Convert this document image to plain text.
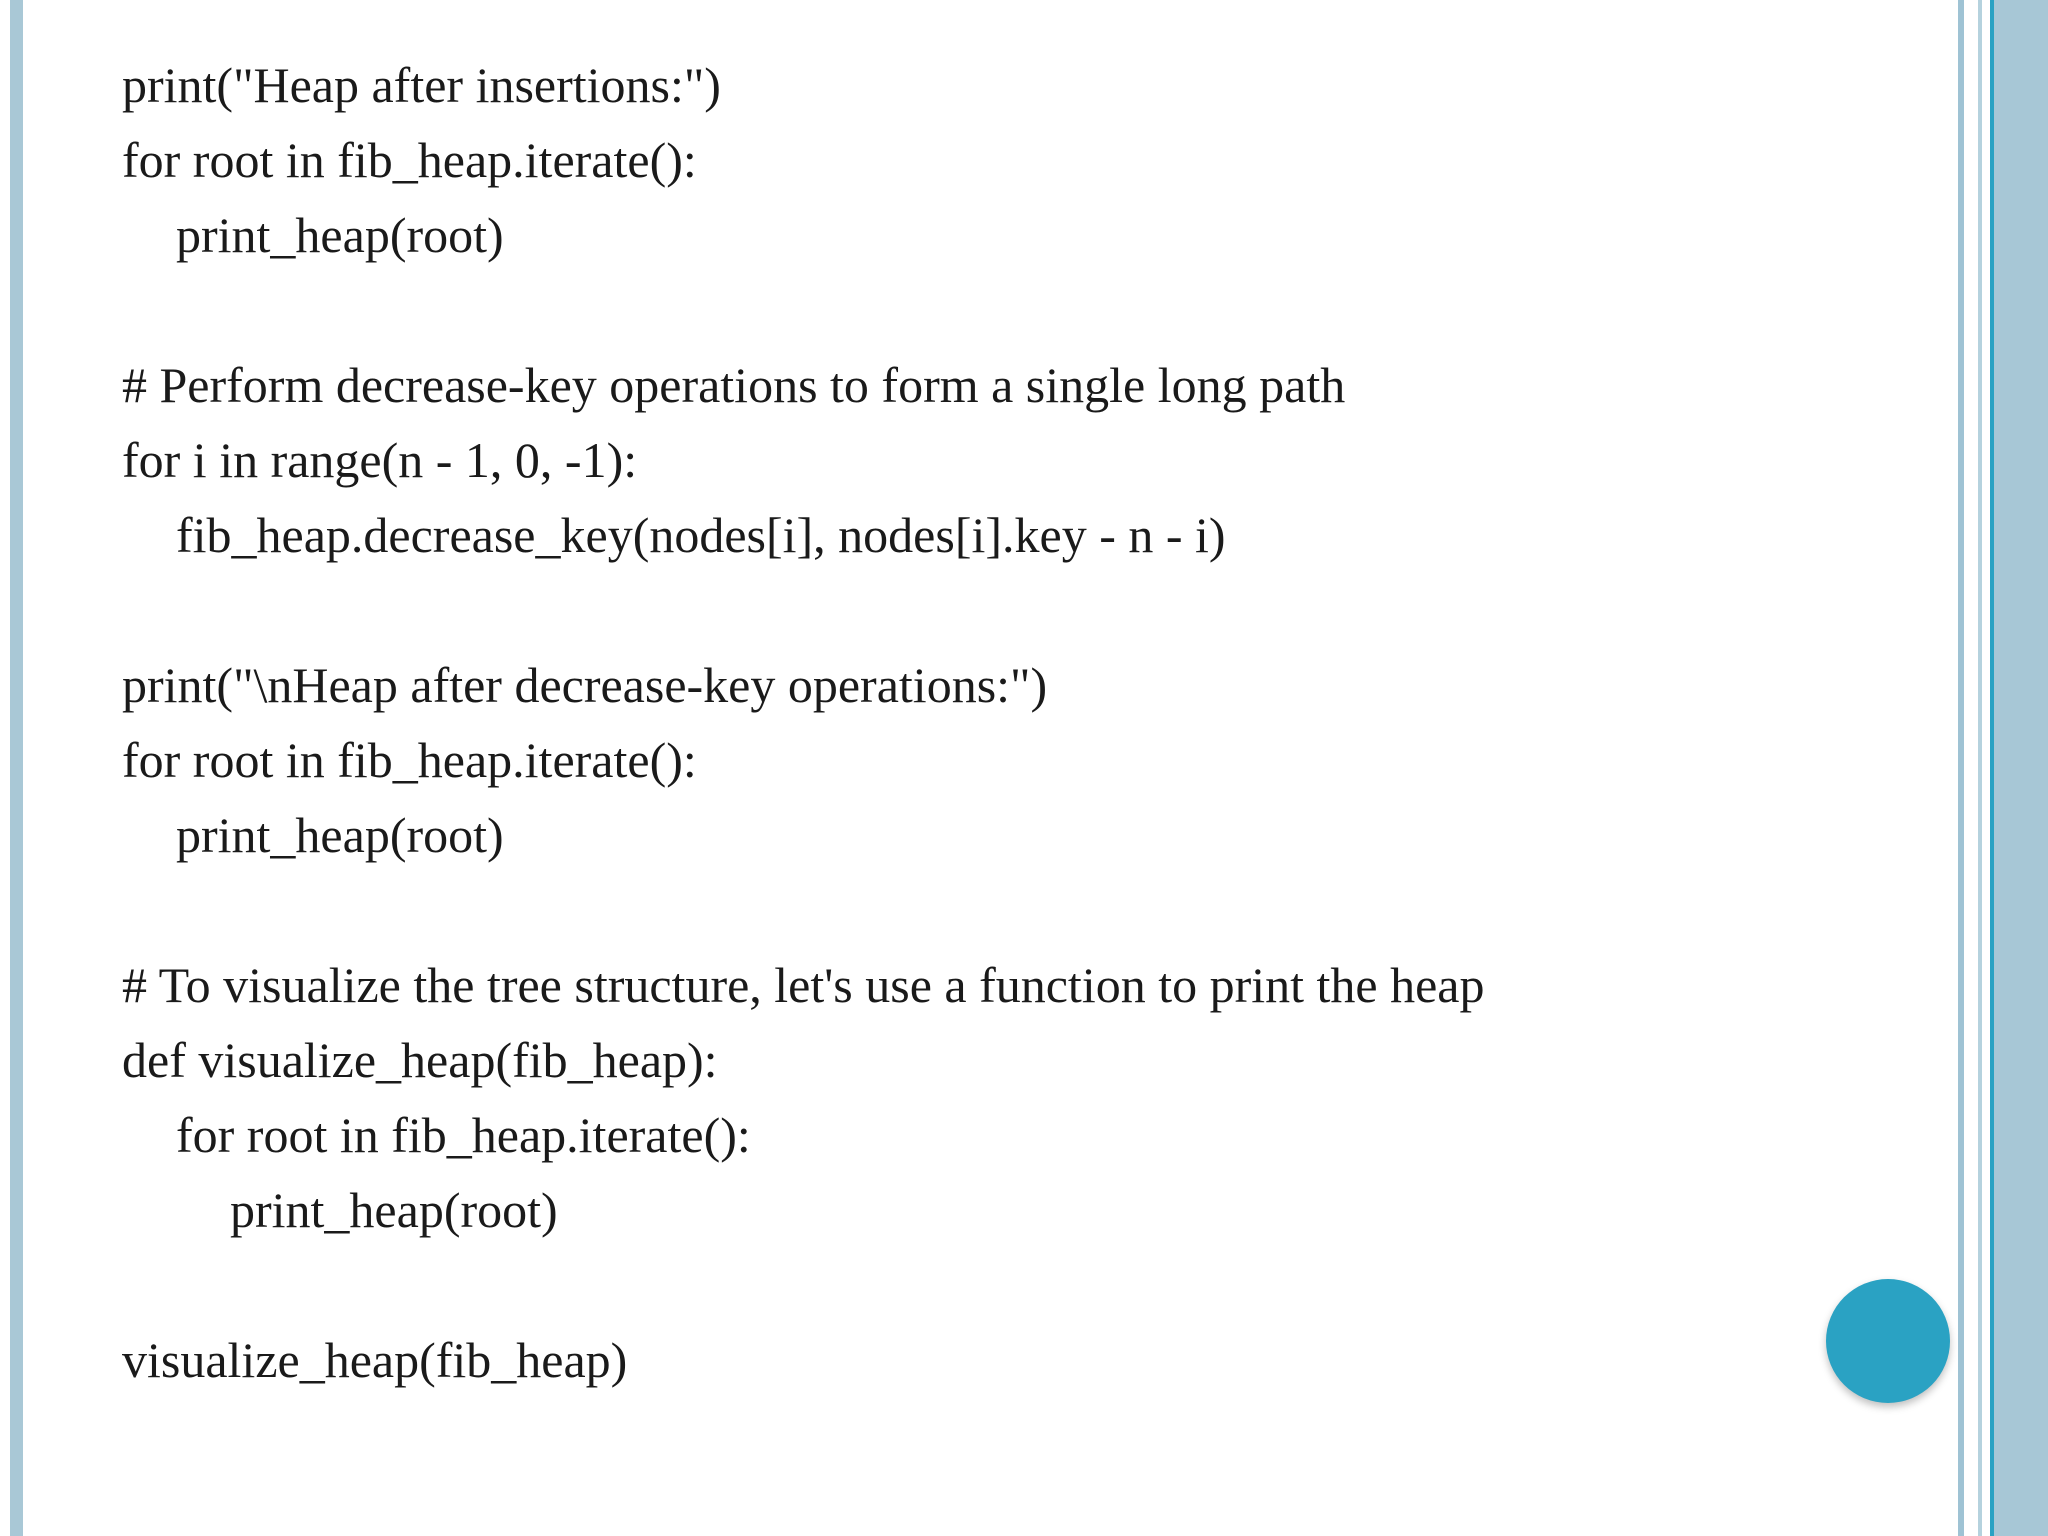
print("Heap after insertions:")
for root in fib_heap.iterate():
print_heap(root)
# Perform decrease-key operations to form a single long path
for i in range(n - 1, 0, -1):
fib_heap.decrease_key(nodes[i], nodes[i].key - n - i)
print("\nHeap after decrease-key operations:")
for root in fib_heap.iterate():
print_heap(root)
# To visualize the tree structure, let's use a function to print the heap
def visualize_heap(fib_heap):
for root in fib_heap.iterate():
print_heap(root)
visualize_heap(fib_heap)
